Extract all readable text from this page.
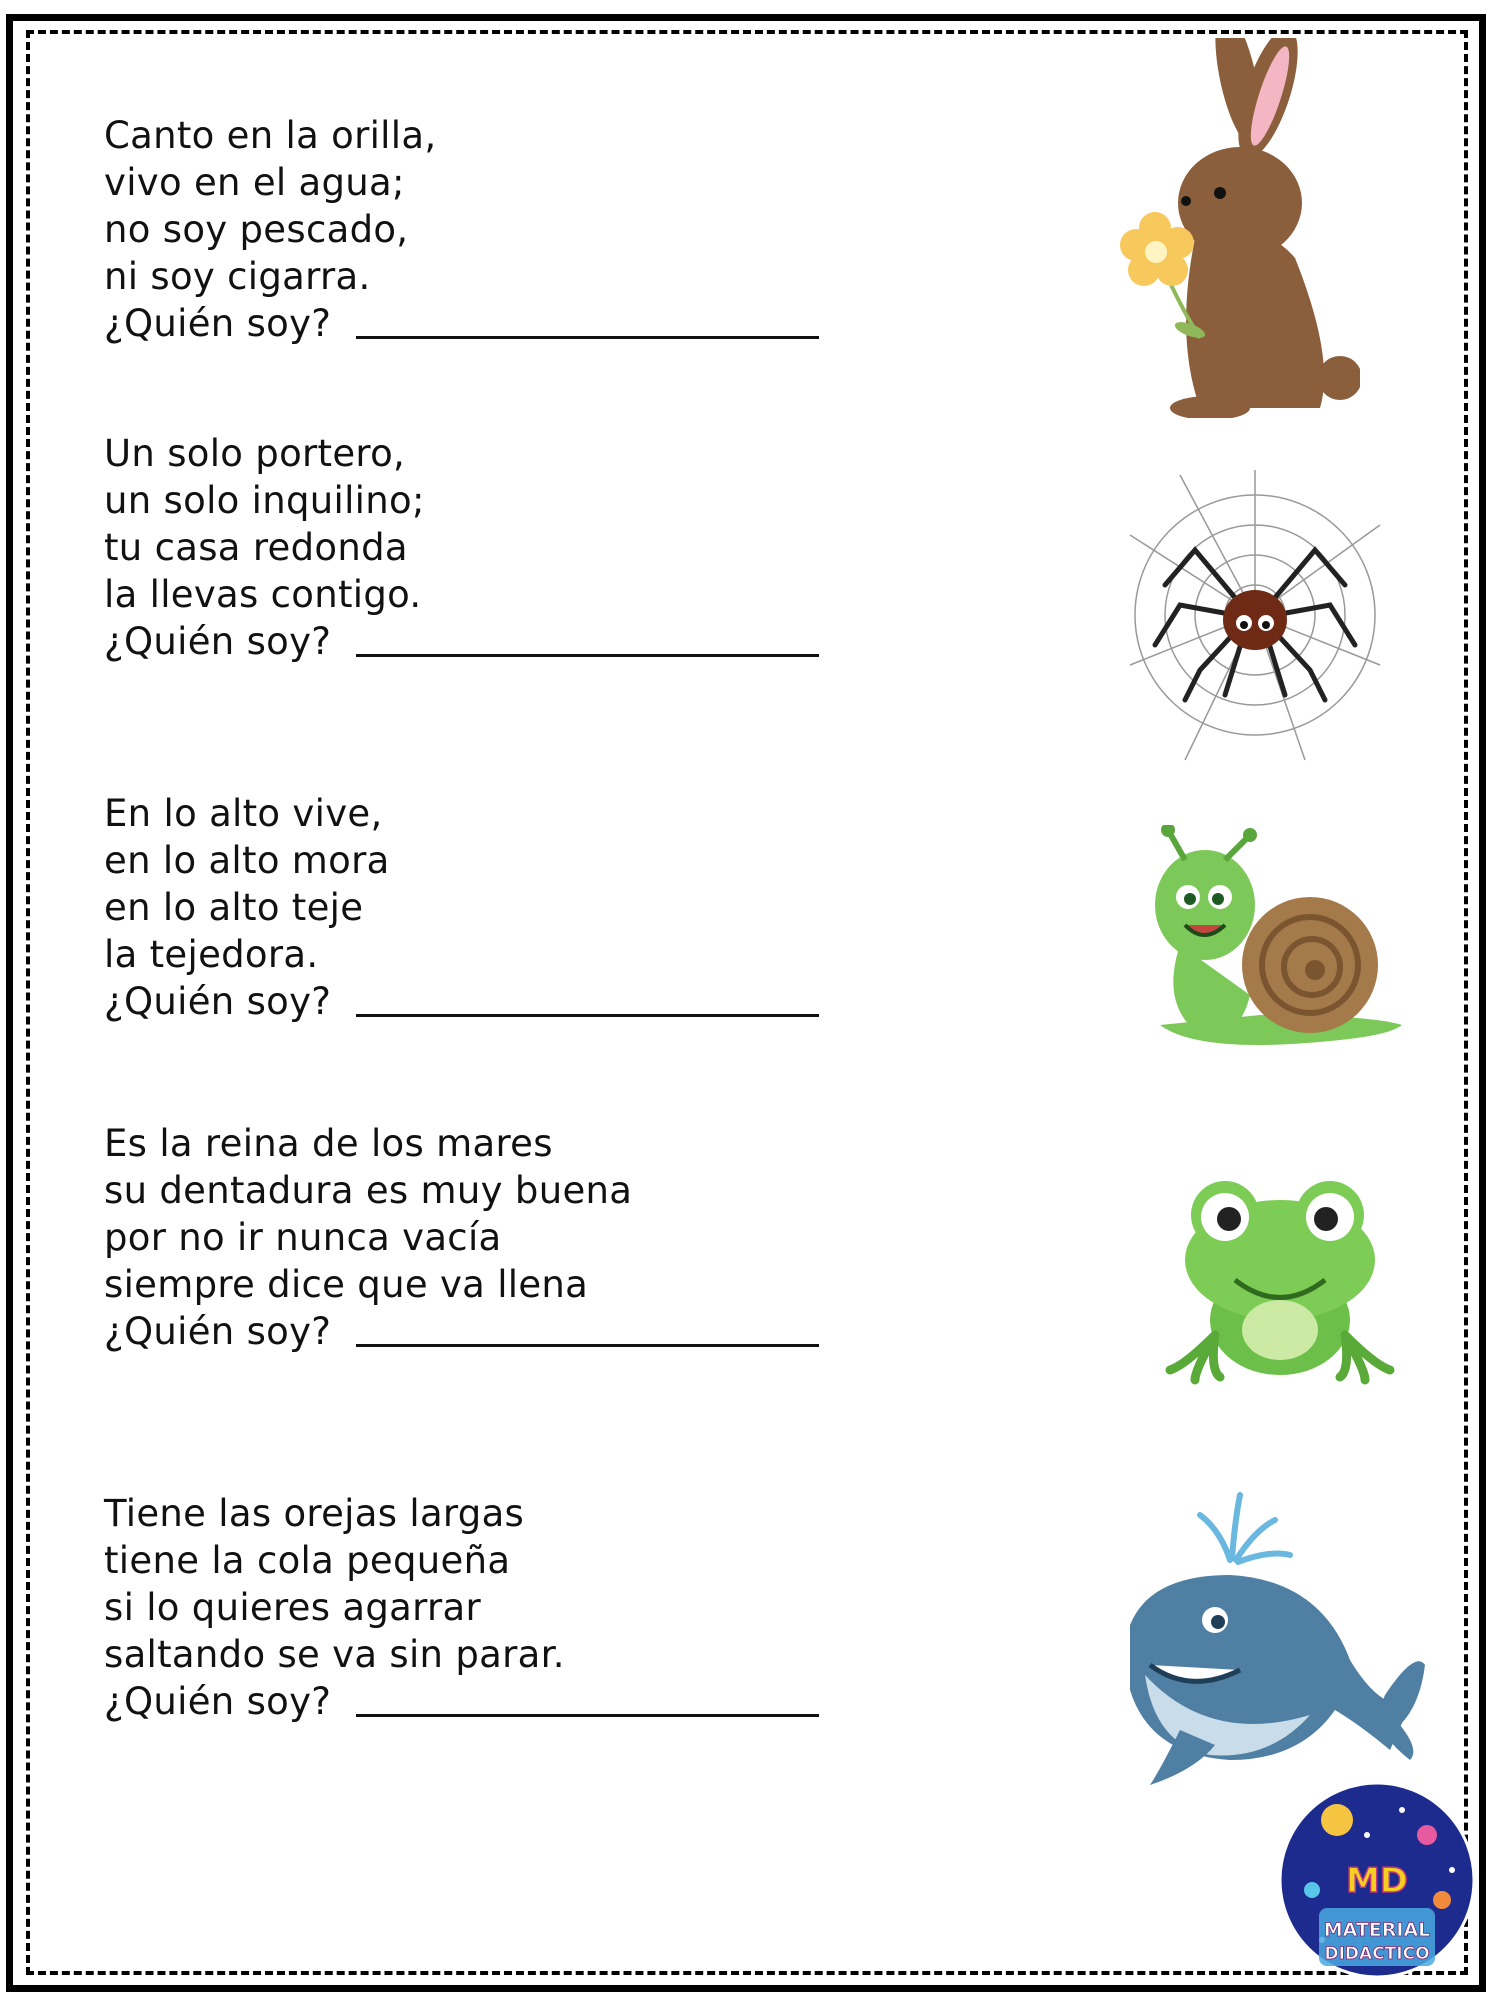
Canto en la orilla,
vivo en el agua;
no soy pescado,
ni soy cigarra.
¿Quién soy?
Un solo portero,
un solo inquilino;
tu casa redonda
la llevas contigo.
¿Quién soy?
En lo alto vive,
en lo alto mora
en lo alto teje
la tejedora.
¿Quién soy?
Es la reina de los mares
su dentadura es muy buena
por no ir nunca vacía
siempre dice que va llena
¿Quién soy?
Tiene las orejas largas
tiene la cola pequeña
si lo quieres agarrar
saltando se va sin parar.
¿Quién soy?
MD
MATERIAL
DIDACTICO
